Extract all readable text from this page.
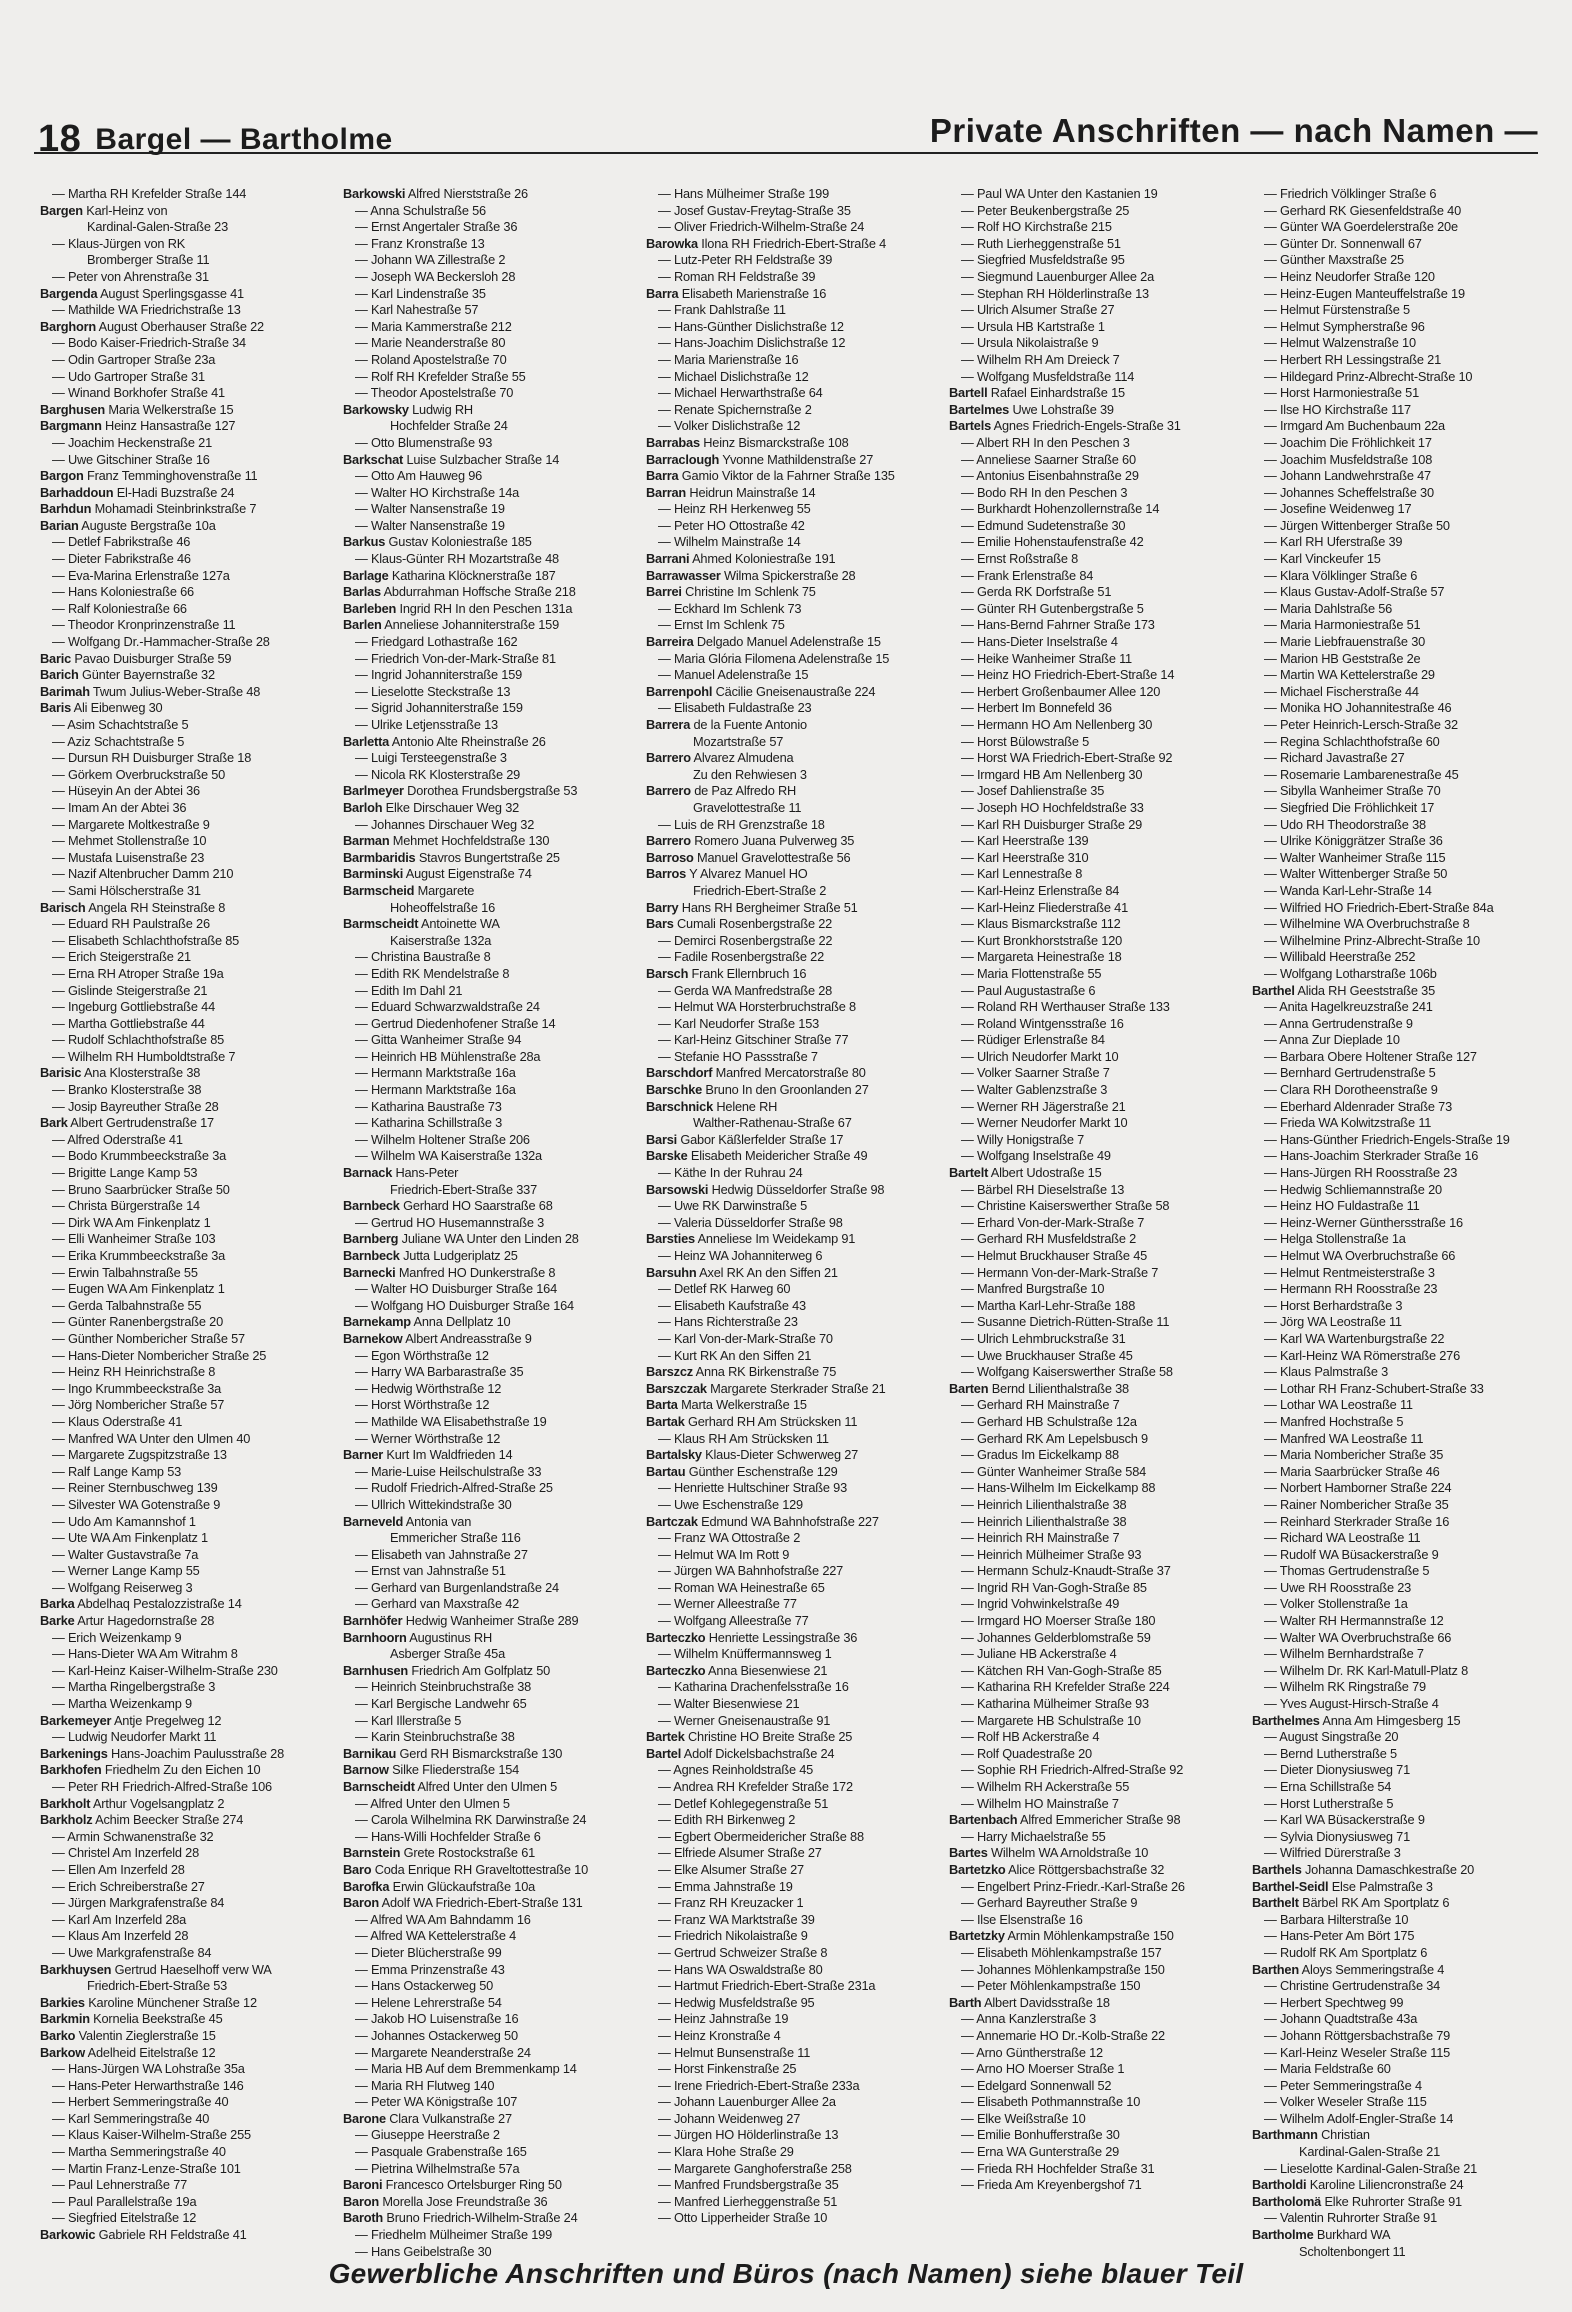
18 Bargel — Bartholme	Private Anschriften — nach Namen —
— Martha RH Krefelder Straße 144
Bargen Karl-Heinz von
Kardinal-Galen-Straße 23
— Klaus-Jürgen von RK
Bromberger Straße 11
— Peter von Ahrenstraße 31
Bargenda August Sperlingsgasse 41
— Mathilde WA Friedrichstraße 13
Barghorn August Oberhauser Straße 22
— Bodo Kaiser-Friedrich-Straße 34
— Odin Gartroper Straße 23a
— Udo Gartroper Straße 31
— Winand Borkhofer Straße 41
Barghusen Maria Welkerstraße 15
Bargmann Heinz Hansastraße 127
— Joachim Heckenstraße 21
— Uwe Gitschiner Straße 16
Bargon Franz Temminghovenstraße 11
Barhaddoun El-Hadi Buzstraße 24
Barhdun Mohamadi Steinbrinkstraße 7
Barian Auguste Bergstraße 10a
— Detlef Fabrikstraße 46
— Dieter Fabrikstraße 46
— Eva-Marina Erlenstraße 127a
— Hans Koloniestraße 66
— Ralf Koloniestraße 66
— Theodor Kronprinzenstraße 11
— Wolfgang Dr.-Hammacher-Straße 28
Baric Pavao Duisburger Straße 59
Barich Günter Bayernstraße 32
Barimah Twum Julius-Weber-Straße 48
Baris Ali Eibenweg 30
— Asim Schachtstraße 5
— Aziz Schachtstraße 5
— Dursun RH Duisburger Straße 18
— Görkem Overbruckstraße 50
— Hüseyin An der Abtei 36
— Imam An der Abtei 36
— Margarete Moltkestraße 9
— Mehmet Stollenstraße 10
— Mustafa Luisenstraße 23
— Nazif Altenbrucher Damm 210
— Sami Hölscherstraße 31
Barisch Angela RH Steinstraße 8
— Eduard RH Paulstraße 26
— Elisabeth Schlachthofstraße 85
— Erich Steigerstraße 21
— Erna RH Atroper Straße 19a
— Gislinde Steigerstraße 21
— Ingeburg Gottliebstraße 44
— Martha Gottliebstraße 44
— Rudolf Schlachthofstraße 85
— Wilhelm RH Humboldtstraße 7
Barisic Ana Klosterstraße 38
— Branko Klosterstraße 38
— Josip Bayreuther Straße 28
Bark Albert Gertrudenstraße 17
— Alfred Oderstraße 41
— Bodo Krummbeeckstraße 3a
— Brigitte Lange Kamp 53
— Bruno Saarbrücker Straße 50
— Christa Bürgerstraße 14
— Dirk WA Am Finkenplatz 1
— Elli Wanheimer Straße 103
— Erika Krummbeeckstraße 3a
— Erwin Talbahnstraße 55
— Eugen WA Am Finkenplatz 1
— Gerda Talbahnstraße 55
— Günter Ranenbergstraße 20
— Günther Nombericher Straße 57
— Hans-Dieter Nombericher Straße 25
— Heinz RH Heinrichstraße 8
— Ingo Krummbeeckstraße 3a
— Jörg Nombericher Straße 57
— Klaus Oderstraße 41
— Manfred WA Unter den Ulmen 40
— Margarete Zugspitzstraße 13
— Ralf Lange Kamp 53
— Reiner Sternbuschweg 139
— Silvester WA Gotenstraße 9
— Udo Am Kamannshof 1
— Ute WA Am Finkenplatz 1
— Walter Gustavstraße 7a
— Werner Lange Kamp 55
— Wolfgang Reiserweg 3
Barka Abdelhaq Pestalozzistraße 14
Barke Artur Hagedornstraße 28
— Erich Weizenkamp 9
— Hans-Dieter WA Am Witrahm 8
— Karl-Heinz Kaiser-Wilhelm-Straße 230
— Martha Ringelbergstraße 3
— Martha Weizenkamp 9
Barkemeyer Antje Pregelweg 12
— Ludwig Neudorfer Markt 11
Barkenings Hans-Joachim Paulusstraße 28
Barkhofen Friedhelm Zu den Eichen 10
— Peter RH Friedrich-Alfred-Straße 106
Barkholt Arthur Vogelsangplatz 2
Barkholz Achim Beecker Straße 274
— Armin Schwanenstraße 32
— Christel Am Inzerfeld 28
— Ellen Am Inzerfeld 28
— Erich Schreiberstraße 27
— Jürgen Markgrafenstraße 84
— Karl Am Inzerfeld 28a
— Klaus Am Inzerfeld 28
— Uwe Markgrafenstraße 84
Barkhuysen Gertrud Haeselhoff verw WA
Friedrich-Ebert-Straße 53
Barkies Karoline Münchener Straße 12
Barkmin Kornelia Beekstraße 45
Barko Valentin Zieglerstraße 15
Barkow Adelheid Eitelstraße 12
— Hans-Jürgen WA Lohstraße 35a
— Hans-Peter Herwarthstraße 146
— Herbert Semmeringstraße 40
— Karl Semmeringstraße 40
— Klaus Kaiser-Wilhelm-Straße 255
— Martha Semmeringstraße 40
— Martin Franz-Lenze-Straße 101
— Paul Lehnerstraße 77
— Paul Parallelstraße 19a
— Siegfried Eitelstraße 12
Barkowic Gabriele RH Feldstraße 41
Barkowski Alfred Nierststraße 26
— Anna Schulstraße 56
— Ernst Angertaler Straße 36
— Franz Kronstraße 13
— Johann WA Zillestraße 2
— Joseph WA Beckersloh 28
— Karl Lindenstraße 35
— Karl Nahestraße 57
— Maria Kammerstraße 212
— Marie Neanderstraße 80
— Roland Apostelstraße 70
— Rolf RH Krefelder Straße 55
— Theodor Apostelstraße 70
Barkowsky Ludwig RH
Hochfelder Straße 24
— Otto Blumenstraße 93
Barkschat Luise Sulzbacher Straße 14
— Otto Am Hauweg 96
— Walter HO Kirchstraße 14a
— Walter Nansenstraße 19
— Walter Nansenstraße 19
Barkus Gustav Koloniestraße 185
— Klaus-Günter RH Mozartstraße 48
Barlage Katharina Klöcknerstraße 187
Barlas Abdurrahman Hoffsche Straße 218
Barleben Ingrid RH In den Peschen 131a
Barlen Anneliese Johanniterstraße 159
— Friedgard Lothastraße 162
— Friedrich Von-der-Mark-Straße 81
— Ingrid Johanniterstraße 159
— Lieselotte Steckstraße 13
— Sigrid Johanniterstraße 159
— Ulrike Letjensstraße 13
Barletta Antonio Alte Rheinstraße 26
— Luigi Tersteegenstraße 3
— Nicola RK Klosterstraße 29
Barlmeyer Dorothea Frundsbergstraße 53
Barloh Elke Dirschauer Weg 32
— Johannes Dirschauer Weg 32
Barman Mehmet Hochfeldstraße 130
Barmbaridis Stavros Bungertstraße 25
Barminski August Eigenstraße 74
Barmscheid Margarete
Hoheoffelstraße 16
Barmscheidt Antoinette WA
Kaiserstraße 132a
— Christina Baustraße 8
— Edith RK Mendelstraße 8
— Edith Im Dahl 21
— Eduard Schwarzwaldstraße 24
— Gertrud Diedenhofener Straße 14
— Gitta Wanheimer Straße 94
— Heinrich HB Mühlenstraße 28a
— Hermann Marktstraße 16a
— Hermann Marktstraße 16a
— Katharina Baustraße 73
— Katharina Schillstraße 3
— Wilhelm Holtener Straße 206
— Wilhelm WA Kaiserstraße 132a
Barnack Hans-Peter
Friedrich-Ebert-Straße 337
Barnbeck Gerhard HO Saarstraße 68
— Gertrud HO Husemannstraße 3
Barnberg Juliane WA Unter den Linden 28
Barnbeck Jutta Ludgeriplatz 25
Barnecki Manfred HO Dunkerstraße 8
— Walter HO Duisburger Straße 164
— Wolfgang HO Duisburger Straße 164
Barnekamp Anna Dellplatz 10
Barnekow Albert Andreasstraße 9
— Egon Wörthstraße 12
— Harry WA Barbarastraße 35
— Hedwig Wörthstraße 12
— Horst Wörthstraße 12
— Mathilde WA Elisabethstraße 19
— Werner Wörthstraße 12
Barner Kurt Im Waldfrieden 14
— Marie-Luise Heilschulstraße 33
— Rudolf Friedrich-Alfred-Straße 25
— Ullrich Wittekindstraße 30
Barneveld Antonia van
Emmericher Straße 116
— Elisabeth van Jahnstraße 27
— Ernst van Jahnstraße 51
— Gerhard van Burgenlandstraße 24
— Gerhard van Maxstraße 42
Barnhöfer Hedwig Wanheimer Straße 289
Barnhoorn Augustinus RH
Asberger Straße 45a
Barnhusen Friedrich Am Golfplatz 50
— Heinrich Steinbruchstraße 38
— Karl Bergische Landwehr 65
— Karl Illerstraße 5
— Karin Steinbruchstraße 38
Barnikau Gerd RH Bismarckstraße 130
Barnow Silke Fliederstraße 154
Barnscheidt Alfred Unter den Ulmen 5
— Alfred Unter den Ulmen 5
— Carola Wilhelmina RK Darwinstraße 24
— Hans-Willi Hochfelder Straße 6
Barnstein Grete Rostockstraße 61
Baro Coda Enrique RH Graveltottestraße 10
Barofka Erwin Glückaufstraße 10a
Baron Adolf WA Friedrich-Ebert-Straße 131
— Alfred WA Am Bahndamm 16
— Alfred WA Kettelerstraße 4
— Dieter Blücherstraße 99
— Emma Prinzenstraße 43
— Hans Ostackerweg 50
— Helene Lehrerstraße 54
— Jakob HO Luisenstraße 16
— Johannes Ostackerweg 50
— Margarete Neanderstraße 24
— Maria HB Auf dem Bremmenkamp 14
— Maria RH Flutweg 140
— Peter WA Königstraße 107
Barone Clara Vulkanstraße 27
— Giuseppe Heerstraße 2
— Pasquale Grabenstraße 165
— Pietrina Wilhelmstraße 57a
Baroni Francesco Ortelsburger Ring 50
Baron Morella Jose Freundstraße 36
Baroth Bruno Friedrich-Wilhelm-Straße 24
— Friedhelm Mülheimer Straße 199
— Hans Geibelstraße 30
— Hans Mülheimer Straße 199
— Josef Gustav-Freytag-Straße 35
— Oliver Friedrich-Wilhelm-Straße 24
Barowka Ilona RH Friedrich-Ebert-Straße 4
— Lutz-Peter RH Feldstraße 39
— Roman RH Feldstraße 39
Barra Elisabeth Marienstraße 16
— Frank Dahlstraße 11
— Hans-Günther Dislichstraße 12
— Hans-Joachim Dislichstraße 12
— Maria Marienstraße 16
— Michael Dislichstraße 12
— Michael Herwarthstraße 64
— Renate Spichernstraße 2
— Volker Dislichstraße 12
Barrabas Heinz Bismarckstraße 108
Barraclough Yvonne Mathildenstraße 27
Barra Gamio Viktor de la Fahrner Straße 135
Barran Heidrun Mainstraße 14
— Heinz RH Herkenweg 55
— Peter HO Ottostraße 42
— Wilhelm Mainstraße 14
Barrani Ahmed Koloniestraße 191
Barrawasser Wilma Spickerstraße 28
Barrei Christine Im Schlenk 75
— Eckhard Im Schlenk 73
— Ernst Im Schlenk 75
Barreira Delgado Manuel Adelenstraße 15
— Maria Glória Filomena Adelenstraße 15
— Manuel Adelenstraße 15
Barrenpohl Cäcilie Gneisenaustraße 224
— Elisabeth Fuldastraße 23
Barrera de la Fuente Antonio
Mozartstraße 57
Barrero Alvarez Almudena
Zu den Rehwiesen 3
Barrero de Paz Alfredo RH
Gravelottestraße 11
— Luis de RH Grenzstraße 18
Barrero Romero Juana Pulverweg 35
Barroso Manuel Gravelottestraße 56
Barros Y Alvarez Manuel HO
Friedrich-Ebert-Straße 2
Barry Hans RH Bergheimer Straße 51
Bars Cumali Rosenbergstraße 22
— Demirci Rosenbergstraße 22
— Fadile Rosenbergstraße 22
Barsch Frank Ellernbruch 16
— Gerda WA Manfredstraße 28
— Helmut WA Horsterbruchstraße 8
— Karl Neudorfer Straße 153
— Karl-Heinz Gitschiner Straße 77
— Stefanie HO Passstraße 7
Barschdorf Manfred Mercatorstraße 80
Barschke Bruno In den Groonlanden 27
Barschnick Helene RH
Walther-Rathenau-Straße 67
Barsi Gabor Käßlerfelder Straße 17
Barske Elisabeth Meidericher Straße 49
— Käthe In der Ruhrau 24
Barsowski Hedwig Düsseldorfer Straße 98
— Uwe RK Darwinstraße 5
— Valeria Düsseldorfer Straße 98
Barsties Anneliese Im Weidekamp 91
— Heinz WA Johanniterweg 6
Barsuhn Axel RK An den Siffen 21
— Detlef RK Harweg 60
— Elisabeth Kaufstraße 43
— Hans Richterstraße 23
— Karl Von-der-Mark-Straße 70
— Kurt RK An den Siffen 21
Barszcz Anna RK Birkenstraße 75
Barszczak Margarete Sterkrader Straße 21
Barta Marta Welkerstraße 15
Bartak Gerhard RH Am Strücksken 11
— Klaus RH Am Strücksken 11
Bartalsky Klaus-Dieter Schwerweg 27
Bartau Günther Eschenstraße 129
— Henriette Hultschiner Straße 93
— Uwe Eschenstraße 129
Bartczak Edmund WA Bahnhofstraße 227
— Franz WA Ottostraße 2
— Helmut WA Im Rott 9
— Jürgen WA Bahnhofstraße 227
— Roman WA Heinestraße 65
— Werner Alleestraße 77
— Wolfgang Alleestraße 77
Barteczko Henriette Lessingstraße 36
— Wilhelm Knüffermannsweg 1
Barteczko Anna Biesenwiese 21
— Katharina Drachenfelsstraße 16
— Walter Biesenwiese 21
— Werner Gneisenaustraße 91
Bartek Christine HO Breite Straße 25
Bartel Adolf Dickelsbachstraße 24
— Agnes Reinholdstraße 45
— Andrea RH Krefelder Straße 172
— Detlef Kohlegegenstraße 51
— Edith RH Birkenweg 2
— Egbert Obermeidericher Straße 88
— Elfriede Alsumer Straße 27
— Elke Alsumer Straße 27
— Emma Jahnstraße 19
— Franz RH Kreuzacker 1
— Franz WA Marktstraße 39
— Friedrich Nikolaistraße 9
— Gertrud Schweizer Straße 8
— Hans WA Oswaldstraße 80
— Hartmut Friedrich-Ebert-Straße 231a
— Hedwig Musfeldstraße 95
— Heinz Jahnstraße 19
— Heinz Kronstraße 4
— Helmut Bunsenstraße 11
— Horst Finkenstraße 25
— Irene Friedrich-Ebert-Straße 233a
— Johann Lauenburger Allee 2a
— Johann Weidenweg 27
— Jürgen HO Hölderlinstraße 13
— Klara Hohe Straße 29
— Margarete Ganghoferstraße 258
— Manfred Frundsbergstraße 35
— Manfred Lierheggenstraße 51
— Otto Lipperheider Straße 10
— Paul WA Unter den Kastanien 19
— Peter Beukenbergstraße 25
— Rolf HO Kirchstraße 215
— Ruth Lierheggenstraße 51
— Siegfried Musfeldstraße 95
— Siegmund Lauenburger Allee 2a
— Stephan RH Hölderlinstraße 13
— Ulrich Alsumer Straße 27
— Ursula HB Kartstraße 1
— Ursula Nikolaistraße 9
— Wilhelm RH Am Dreieck 7
— Wolfgang Musfeldstraße 114
Bartell Rafael Einhardstraße 15
Bartelmes Uwe Lohstraße 39
Bartels Agnes Friedrich-Engels-Straße 31
— Albert RH In den Peschen 3
— Anneliese Saarner Straße 60
— Antonius Eisenbahnstraße 29
— Bodo RH In den Peschen 3
— Burkhardt Hohenzollernstraße 14
— Edmund Sudetenstraße 30
— Emilie Hohenstaufenstraße 42
— Ernst Roßstraße 8
— Frank Erlenstraße 84
— Gerda RK Dorfstraße 51
— Günter RH Gutenbergstraße 5
— Hans-Bernd Fahrner Straße 173
— Hans-Dieter Inselstraße 4
— Heike Wanheimer Straße 11
— Heinz HO Friedrich-Ebert-Straße 14
— Herbert Großenbaumer Allee 120
— Herbert Im Bonnefeld 36
— Hermann HO Am Nellenberg 30
— Horst Bülowstraße 5
— Horst WA Friedrich-Ebert-Straße 92
— Irmgard HB Am Nellenberg 30
— Josef Dahlienstraße 35
— Joseph HO Hochfeldstraße 33
— Karl RH Duisburger Straße 29
— Karl Heerstraße 139
— Karl Heerstraße 310
— Karl Lennestraße 8
— Karl-Heinz Erlenstraße 84
— Karl-Heinz Fliederstraße 41
— Klaus Bismarckstraße 112
— Kurt Bronkhorststraße 120
— Margareta Heinestraße 18
— Maria Flottenstraße 55
— Paul Augustastraße 6
— Roland RH Werthauser Straße 133
— Roland Wintgensstraße 16
— Rüdiger Erlenstraße 84
— Ulrich Neudorfer Markt 10
— Volker Saarner Straße 7
— Walter Gablenzstraße 3
— Werner RH Jägerstraße 21
— Werner Neudorfer Markt 10
— Willy Honigstraße 7
— Wolfgang Inselstraße 49
Bartelt Albert Udostraße 15
— Bärbel RH Dieselstraße 13
— Christine Kaiserswerther Straße 58
— Erhard Von-der-Mark-Straße 7
— Gerhard RH Musfeldstraße 2
— Helmut Bruckhauser Straße 45
— Hermann Von-der-Mark-Straße 7
— Manfred Burgstraße 10
— Martha Karl-Lehr-Straße 188
— Susanne Dietrich-Rütten-Straße 11
— Ulrich Lehmbruckstraße 31
— Uwe Bruckhauser Straße 45
— Wolfgang Kaiserswerther Straße 58
Barten Bernd Lilienthalstraße 38
— Gerhard RH Mainstraße 7
— Gerhard HB Schulstraße 12a
— Gerhard RK Am Lepelsbusch 9
— Gradus Im Eickelkamp 88
— Günter Wanheimer Straße 584
— Hans-Wilhelm Im Eickelkamp 88
— Heinrich Lilienthalstraße 38
— Heinrich Lilienthalstraße 38
— Heinrich RH Mainstraße 7
— Heinrich Mülheimer Straße 93
— Hermann Schulz-Knaudt-Straße 37
— Ingrid RH Van-Gogh-Straße 85
— Ingrid Vohwinkelstraße 49
— Irmgard HO Moerser Straße 180
— Johannes Gelderblomstraße 59
— Juliane HB Ackerstraße 4
— Kätchen RH Van-Gogh-Straße 85
— Katharina RH Krefelder Straße 224
— Katharina Mülheimer Straße 93
— Margarete HB Schulstraße 10
— Rolf HB Ackerstraße 4
— Rolf Quadestraße 20
— Sophie RH Friedrich-Alfred-Straße 92
— Wilhelm RH Ackerstraße 55
— Wilhelm HO Mainstraße 7
Bartenbach Alfred Emmericher Straße 98
— Harry Michaelstraße 55
Bartes Wilhelm WA Arnoldstraße 10
Bartetzko Alice Röttgersbachstraße 32
— Engelbert Prinz-Friedr.-Karl-Straße 26
— Gerhard Bayreuther Straße 9
— Ilse Elsenstraße 16
Bartetzky Armin Möhlenkampstraße 150
— Elisabeth Möhlenkampstraße 157
— Johannes Möhlenkampstraße 150
— Peter Möhlenkampstraße 150
Barth Albert Davidsstraße 18
— Anna Kanzlerstraße 3
— Annemarie HO Dr.-Kolb-Straße 22
— Arno Güntherstraße 12
— Arno HO Moerser Straße 1
— Edelgard Sonnenwall 52
— Elisabeth Pothmannstraße 10
— Elke Weißstraße 10
— Emilie Bonhufferstraße 30
— Erna WA Gunterstraße 29
— Frieda RH Hochfelder Straße 31
— Frieda Am Kreyenbergshof 71
— Friedrich Völklinger Straße 6
— Gerhard RK Giesenfeldstraße 40
— Günter WA Goerdelerstraße 20e
— Günter Dr. Sonnenwall 67
— Günther Maxstraße 25
— Heinz Neudorfer Straße 120
— Heinz-Eugen Manteuffelstraße 19
— Helmut Fürstenstraße 5
— Helmut Sympherstraße 96
— Helmut Walzenstraße 10
— Herbert RH Lessingstraße 21
— Hildegard Prinz-Albrecht-Straße 10
— Horst Harmoniestraße 51
— Ilse HO Kirchstraße 117
— Irmgard Am Buchenbaum 22a
— Joachim Die Fröhlichkeit 17
— Joachim Musfeldstraße 108
— Johann Landwehrstraße 47
— Johannes Scheffelstraße 30
— Josefine Weidenweg 17
— Jürgen Wittenberger Straße 50
— Karl RH Uferstraße 39
— Karl Vinckeufer 15
— Klara Völklinger Straße 6
— Klaus Gustav-Adolf-Straße 57
— Maria Dahlstraße 56
— Maria Harmoniestraße 51
— Marie Liebfrauenstraße 30
— Marion HB Geststraße 2e
— Martin WA Kettelerstraße 29
— Michael Fischerstraße 44
— Monika HO Johannitestraße 46
— Peter Heinrich-Lersch-Straße 32
— Regina Schlachthofstraße 60
— Richard Javastraße 27
— Rosemarie Lambarenestraße 45
— Sibylla Wanheimer Straße 70
— Siegfried Die Fröhlichkeit 17
— Udo RH Theodorstraße 38
— Ulrike Königgrätzer Straße 36
— Walter Wanheimer Straße 115
— Walter Wittenberger Straße 50
— Wanda Karl-Lehr-Straße 14
— Wilfried HO Friedrich-Ebert-Straße 84a
— Wilhelmine WA Overbruchstraße 8
— Wilhelmine Prinz-Albrecht-Straße 10
— Willibald Heerstraße 252
— Wolfgang Lotharstraße 106b
Barthel Alida RH Geeststraße 35
— Anita Hagelkreuzstraße 241
— Anna Gertrudenstraße 9
— Anna Zur Dieplade 10
— Barbara Obere Holtener Straße 127
— Bernhard Gertrudenstraße 5
— Clara RH Dorotheenstraße 9
— Eberhard Aldenrader Straße 73
— Frieda WA Kolwitzstraße 11
— Hans-Günther Friedrich-Engels-Straße 19
— Hans-Joachim Sterkrader Straße 16
— Hans-Jürgen RH Roosstraße 23
— Hedwig Schliemannstraße 20
— Heinz HO Fuldastraße 11
— Heinz-Werner Günthersstraße 16
— Helga Stollenstraße 1a
— Helmut WA Overbruchstraße 66
— Helmut Rentmeisterstraße 3
— Hermann RH Roosstraße 23
— Horst Berhardstraße 3
— Jörg WA Leostraße 11
— Karl WA Wartenburgstraße 22
— Karl-Heinz WA Römerstraße 276
— Klaus Palmstraße 3
— Lothar RH Franz-Schubert-Straße 33
— Lothar WA Leostraße 11
— Manfred Hochstraße 5
— Manfred WA Leostraße 11
— Maria Nombericher Straße 35
— Maria Saarbrücker Straße 46
— Norbert Hamborner Straße 224
— Rainer Nombericher Straße 35
— Reinhard Sterkrader Straße 16
— Richard WA Leostraße 11
— Rudolf WA Büsackerstraße 9
— Thomas Gertrudenstraße 5
— Uwe RH Roosstraße 23
— Volker Stollenstraße 1a
— Walter RH Hermannstraße 12
— Walter WA Overbruchstraße 66
— Wilhelm Bernhardstraße 7
— Wilhelm Dr. RK Karl-Matull-Platz 8
— Wilhelm RK Ringstraße 79
— Yves August-Hirsch-Straße 4
Barthelmes Anna Am Himgesberg 15
— August Singstraße 20
— Bernd Lutherstraße 5
— Dieter Dionysiusweg 71
— Erna Schillstraße 54
— Horst Lutherstraße 5
— Karl WA Büsackerstraße 9
— Sylvia Dionysiusweg 71
— Wilfried Dürerstraße 3
Barthels Johanna Damaschkestraße 20
Barthel-Seidl Else Palmstraße 3
Barthelt Bärbel RK Am Sportplatz 6
— Barbara Hilterstraße 10
— Hans-Peter Am Bört 175
— Rudolf RK Am Sportplatz 6
Barthen Aloys Semmeringstraße 4
— Christine Gertrudenstraße 34
— Herbert Spechtweg 99
— Johann Quadtstraße 43a
— Johann Röttgersbachstraße 79
— Karl-Heinz Weseler Straße 115
— Maria Feldstraße 60
— Peter Semmeringstraße 4
— Volker Weseler Straße 115
— Wilhelm Adolf-Engler-Straße 14
Barthmann Christian
Kardinal-Galen-Straße 21
— Lieselotte Kardinal-Galen-Straße 21
Bartholdi Karoline Liliencronstraße 24
Bartholomä Elke Ruhrorter Straße 91
— Valentin Ruhrorter Straße 91
Bartholme Burkhard WA
Scholtenbongert 11
Gewerbliche Anschriften und Büros (nach Namen) siehe blauer Teil
